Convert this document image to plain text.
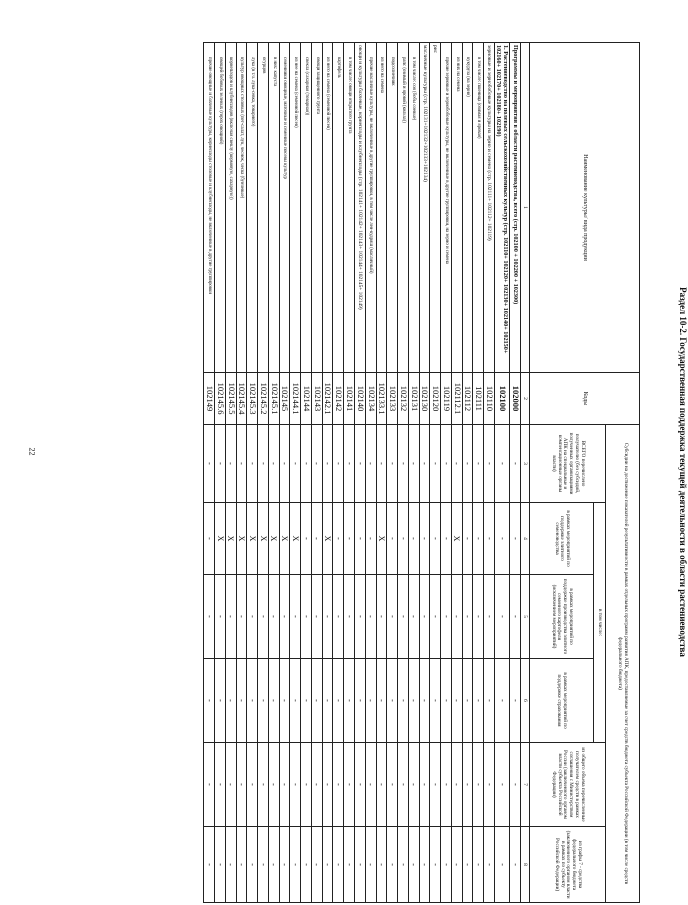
22	Раздел 10-2. Государственная поддержка текущей деятельности в области растениеводства
Наименование культуры/ вида продукции	Коды	Субсидии на достижение показателей результативности в рамках отдельных программ развития АПК, предоставляемые за счет средств бюджета субъекта Российской Федерации (в том числе средств федерального бюджета)					
		ВСЕГО перечислено получателю (без субсидий, полученных организациями АПК на специальные и компенсационные органы власти)	в том числе:			из общего объема перечисленные получателем средств в рамках соглашения с Министерством России (заключенного органом власти субъекта Российской Федерации)	из графы 7 - средства федерального бюджета (заключенного органом власти в рамках по субъекту Российской Федерации)
			в рамках мероприятий по поддержке элитного семеноводства	в рамках мероприятий по поддержке производства элитного семенного картофеля (исключением мероприятий)	в рамках мероприятий по поддержке страхования		
1	2	3	4	5	6	7	8
Программы и мероприятия в области растениеводства, всего (стр. 102100 + 102200 + 102300)	102000	-	-	-	-	-	-
1. Растениеводство на полевых сельскохозяйственных культур (стр. 102110+ 102120+ 102130+ 102140+ 102150+ 102160+ 102170+ 102180+ 102190)	102100	-	-	-	-	-	-
зерновые и зернобобовые культуры на зерно и семена (стр. 102111+ 102112+ 102119)	102110	-	-	-	-	-	-
в том числе: пшеница (озимая и яровая)	102111	-	-	-	-	-	-
кукуруза (на зерно)	102112	-	-	-	-	-	-
из них на семена	102112.1	-	X	-	-	-	-
прочие зерновые и зернобобовые культуры, не включенные в другие группировки, на зерно и семена	102119	-	-	-	-	-	-
рис	102120	-	-	-	-	-	-
масличные культуры (стр. 102131+102132+102133+102134)	102130	-	-	-	-	-	-
в том числе: соя (бобы соевые)	102131	-	-	-	-	-	-
рапс (озимый и яровой (кольза))	102132	-	-	-	-	-	-
подсолнечник	102133	-	-	-	-	-	-
из него на семена	102133.1	-	X	-	-	-	-
прочие масличные культуры, не включенные в другие группировки, в том числе лен-кудряш (масличный)	102134	-	-	-	-	-	-
овощи и культуры бахчевые, корнеплоды и клубнеплоды (стр. 102141+ 102142+ 102143+ 102144+ 102145+ 102149)	102140	-	-	-	-	-	-
в том числе: овощи открытого грунта	102141	-	-	-	-	-	-
картофель	102142	-	-	-	-	-	-
из него на семена (семенной посев)	102142.1	-	X	-	-	-	-
овощи защищенного грунта	102143	-	-	-	-	-	-
свекла (сахарная (товарная))	102144	-	-	-	-	-	-
из нее на семена (семенной посев)	102144.1	-	X	-	-	-	-
семенники овощные, маточные и семенные посевы культур	102145	-	X	-	-	-	-
в них: капуста	102145.1	-	X	-	-	-	-
огурцов	102145.2	-	X	-	-	-	-
лука (в т.ч. лука-севка, товарного)	102145.3	-	X	-	-	-	-
культур овощных столовых (пет-салат, лук, чеснок, ческа (бунчевые)	102145.4	-	X	-	-	-	-
корнеплодов и клубнеплодов (включая свеклу (кормовую, сахарную))	102145.5	-	X	-	-	-	-
овощей бобовых зеленых (горох овощной)	102145.6	-	X	-	-	-	-
прочие овощные и бахчевые культуры, корнеплоды столовые и клубнеплоды, не включенные в другие группировки	102149	-	-	-	-	-	-
